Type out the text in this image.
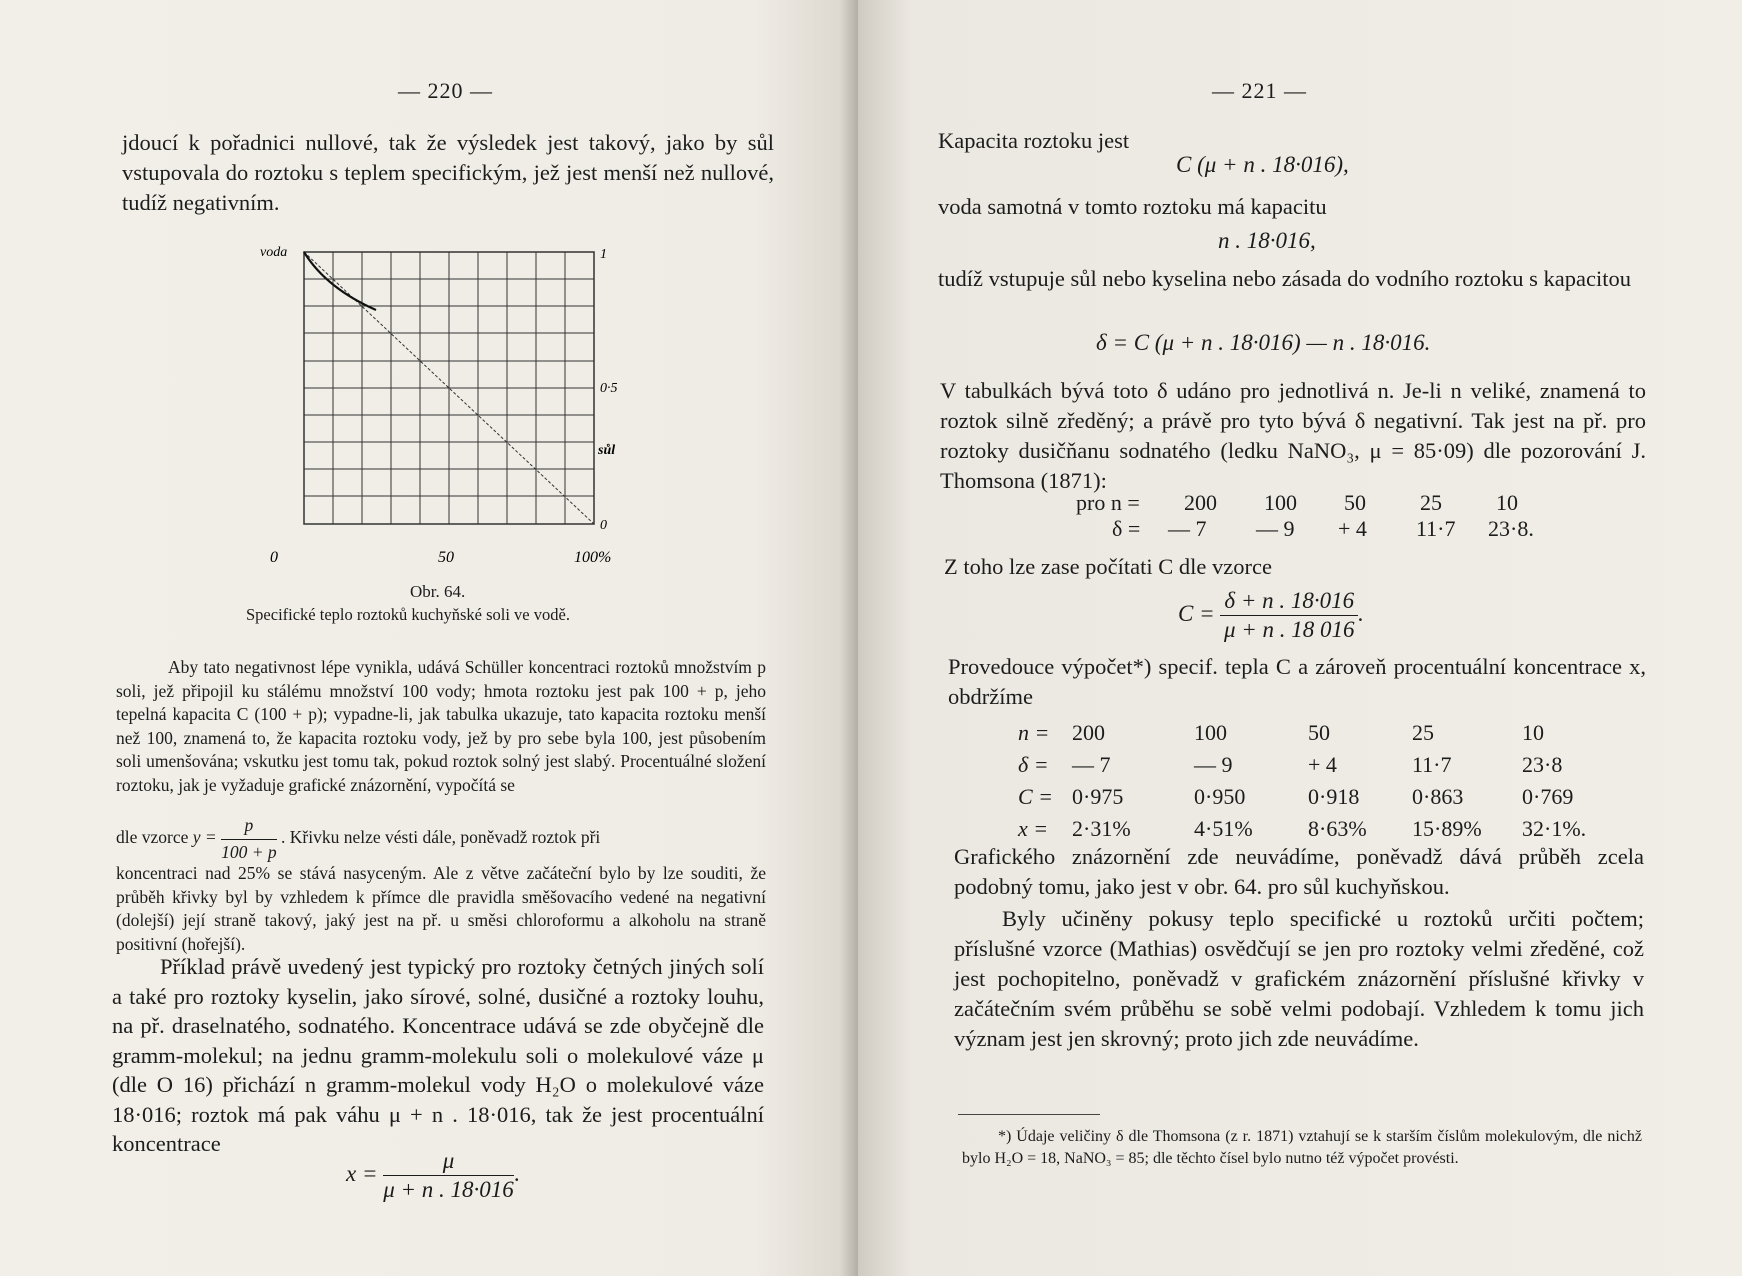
— 220 —

jdoucí k pořadnici nullové, tak že výsledek jest takový, jako by sůl vstupovala do roztoku s teplem specifickým, jež jest menší než nullové, tudíž negativním.

voda	1
0·5
sůl
0
0	50	100%
Obr. 64.
Specifické teplo roztoků kuchyňské soli ve vodě.

Aby tato negativnost lépe vynikla, udává Schüller koncentraci roztoků množstvím p soli, jež připojil ku stálému množství 100 vody; hmota roztoku jest pak 100 + p, jeho tepelná kapacita C (100 + p); vypadne-li, jak tabulka ukazuje, tato kapacita roztoku menší než 100, znamená to, že kapacita roztoku vody, jež by pro sebe byla 100, jest působením soli umenšována; vskutku jest tomu tak, pokud roztok solný jest slabý. Procentuálné složení roztoku, jak je vyžaduje grafické znázornění, vypočítá se

dle vzorce $y = \frac{p}{100 + p}$ . Křivku nelze vésti dále, poněvadž roztok při

koncentraci nad 25% se stává nasyceným. Ale z větve začáteční bylo by lze souditi, že průběh křivky byl by vzhledem k přímce dle pravidla směšovacího vedené na negativní (dolejší) její straně takový, jaký jest na př. u směsi chloroformu a alkoholu na straně positivní (hořejší).

Příklad právě uvedený jest typický pro roztoky četných jiných solí a také pro roztoky kyselin, jako sírové, solné, dusičné a roztoky louhu, na př. draselnatého, sodnatého. Koncentrace udává se zde obyčejně dle gramm-molekul; na jednu gramm-molekulu soli o molekulové váze μ (dle O 16) přichází n gramm-molekul vody H₂O o molekulové váze 18·016; roztok má pak váhu μ + n . 18·016, tak že jest procentuální koncentrace

$x = \frac{\mu}{\mu + n . 18\cdot 016}$ .
— 221 —
Kapacita roztoku jest
C (μ + n . 18·016),
voda samotná v tomto roztoku má kapacitu
n . 18·016,

tudíž vstupuje sůl nebo kyselina nebo zásada do vodního roztoku s kapacitou

δ = C (μ + n . 18·016) — n . 18·016.

V tabulkách bývá toto δ udáno pro jednotlivá n. Je-li n veliké, znamená to roztok silně zředěný; a právě pro tyto bývá δ negativní. Tak jest na př. pro roztoky dusičňanu sodnatého (ledku NaNO₃, μ = 85·09) dle pozorování J. Thomsona (1871):

pro n = 200 100 50 25 10
δ = — 7 — 9 + 4 11·7 23·8.
Z toho lze zase počítati C dle vzorce
$C = \frac{\delta + n . 18\cdot 016}{\mu + n . 18 016}$ .

Provedouce výpočet*) specif. tepla C a zároveň procentuální koncentrace x, obdržíme

n = 200	100	50	25	10
δ = — 7	— 9	+ 4	11·7	23·8
C = 0·975	0·950	0·918 0·863	0·769
x = 2·31%	4·51%	8·63% 15·89% 32·1%.

Grafického znázornění zde neuvádíme, poněvadž dává průběh zcela podobný tomu, jako jest v obr. 64. pro sůl kuchyňskou.

Byly učiněny pokusy teplo specifické u roztoků určiti počtem; příslušné vzorce (Mathias) osvědčují se jen pro roztoky velmi zředěné, což jest pochopitelno, poněvadž v grafickém znázornění příslušné křivky v začátečním svém průběhu se sobě velmi podobají. Vzhledem k tomu jich význam jest jen skrovný; proto jich zde neuvádíme.

*) Údaje veličiny δ dle Thomsona (z r. 1871) vztahují se k starším číslům molekulovým, dle nichž bylo H₂O = 18, NaNO₃ = 85; dle těchto čísel bylo nutno též výpočet provésti.
